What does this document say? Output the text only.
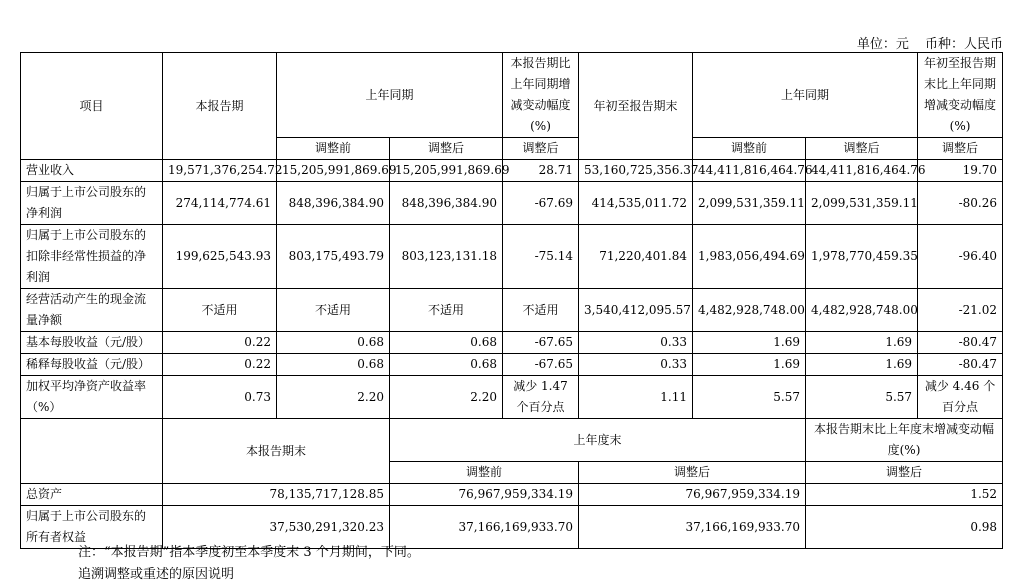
单位：元 币种：人民币
项目	本报告期	上年同期		本报告期比上年同期增减变动幅度(%)	年初至报告期末	上年同期		年初至报告期末比上年同期增减变动幅度(%)
		调整前	调整后	调整后		调整前	调整后	调整后
营业收入	19,571,376,254.72	15,205,991,869.69	15,205,991,869.69	28.71	53,160,725,356.37	44,411,816,464.76	44,411,816,464.76	19.70
归属于上市公司股东的净利润	274,114,774.61	848,396,384.90	848,396,384.90	-67.69	414,535,011.72	2,099,531,359.11	2,099,531,359.11	-80.26
归属于上市公司股东的扣除非经常性损益的净利润	199,625,543.93	803,175,493.79	803,123,131.18	-75.14	71,220,401.84	1,983,056,494.69	1,978,770,459.35	-96.40
经营活动产生的现金流量净额	不适用	不适用	不适用	不适用	3,540,412,095.57	4,482,928,748.00	4,482,928,748.00	-21.02
基本每股收益（元/股）	0.22	0.68	0.68	-67.65	0.33	1.69	1.69	-80.47
稀释每股收益（元/股）	0.22	0.68	0.68	-67.65	0.33	1.69	1.69	-80.47
加权平均净资产收益率（%）	0.73	2.20	2.20	减少 1.47 个百分点	1.11	5.57	5.57	减少 4.46 个百分点
	本报告期末		上年度末				本报告期末比上年度末增减变动幅度(%)	
			调整前		调整后		调整后	
总资产	78,135,717,128.85		76,967,959,334.19		76,967,959,334.19		1.52	
归属于上市公司股东的所有者权益	37,530,291,320.23		37,166,169,933.70		37,166,169,933.70		0.98	
注：“本报告期”指本季度初至本季度末 3 个月期间，下同。
追溯调整或重述的原因说明
